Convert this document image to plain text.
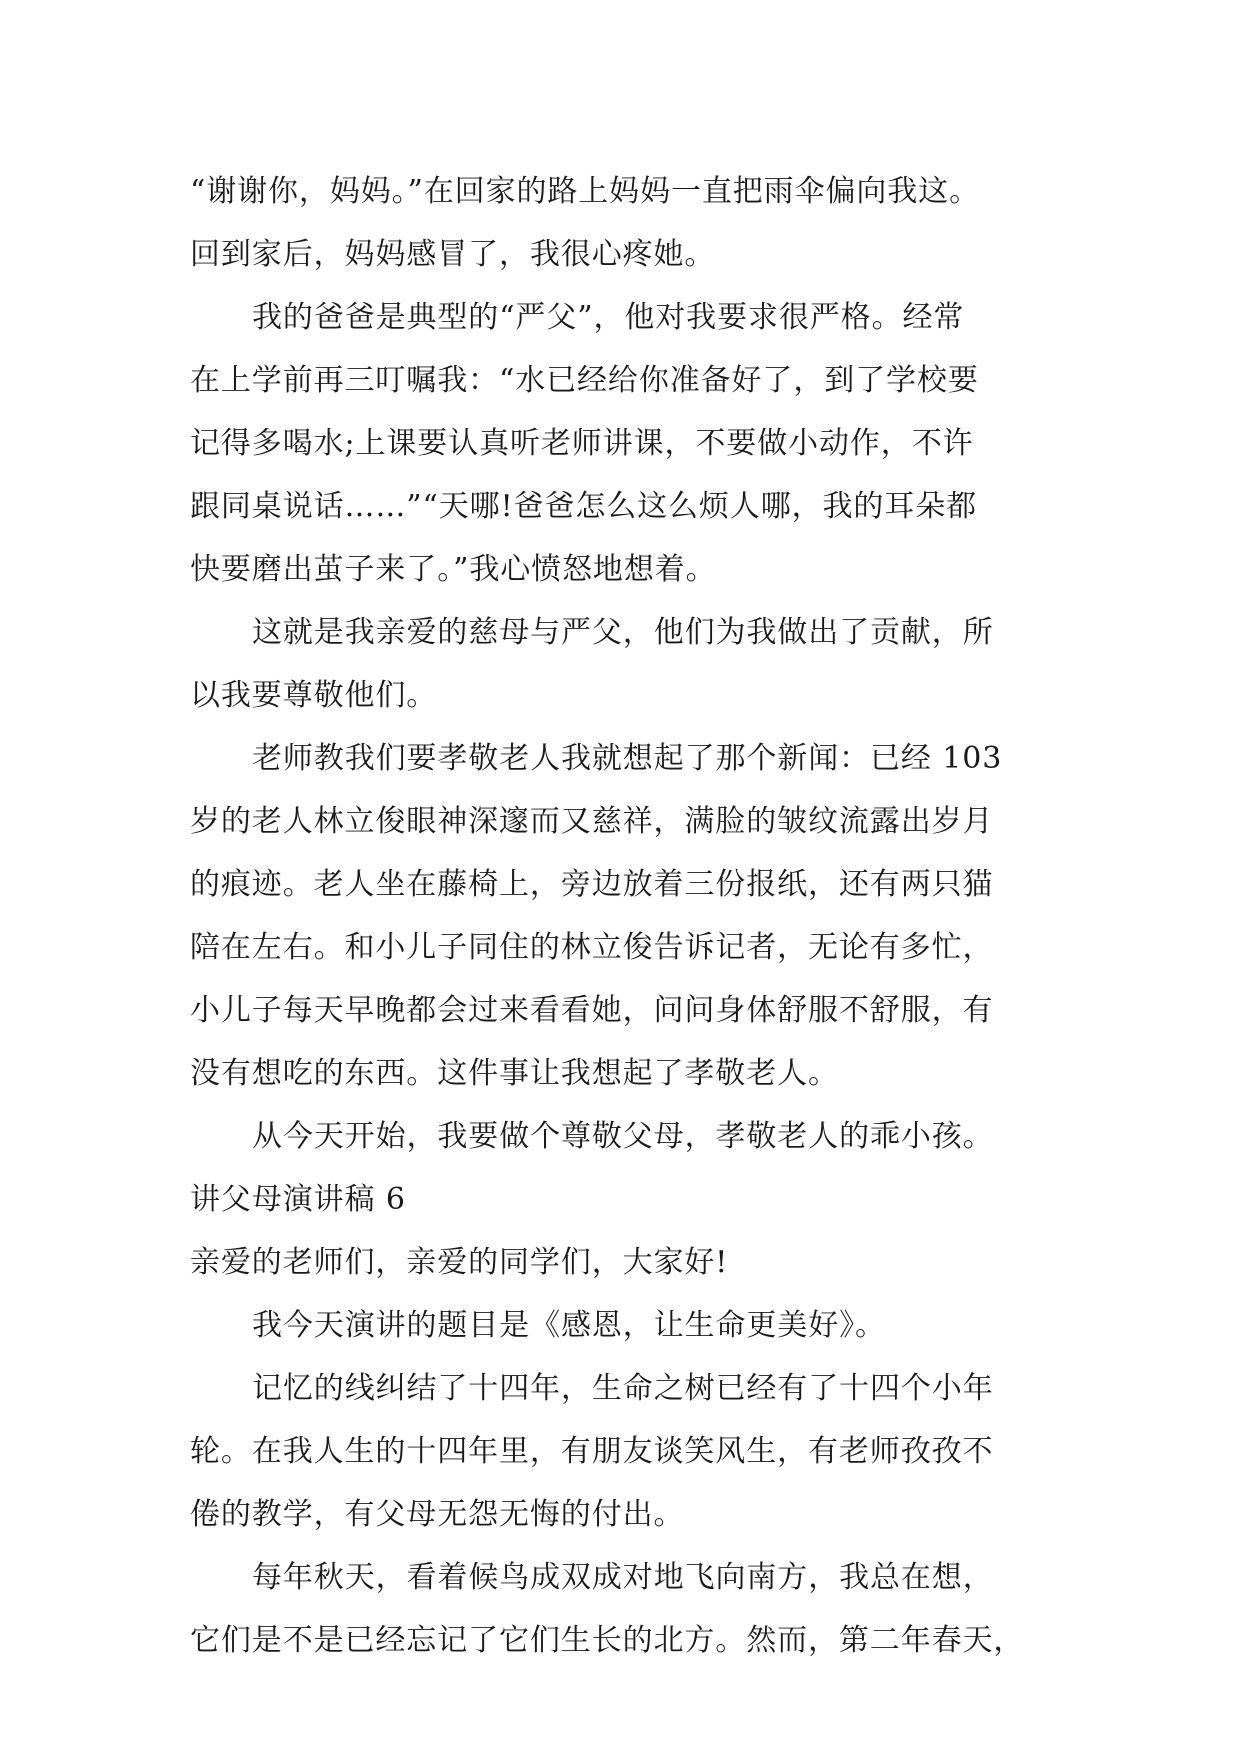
“谢谢你，妈妈。”在回家的路上妈妈一直把雨伞偏向我这。
回到家后，妈妈感冒了，我很心疼她。
我的爸爸是典型的“严父”，他对我要求很严格。经常
在上学前再三叮嘱我：“水已经给你准备好了，到了学校要
记得多喝水;上课要认真听老师讲课，不要做小动作，不许
跟同桌说话……”“天哪!爸爸怎么这么烦人哪，我的耳朵都
快要磨出茧子来了。”我心愤怒地想着。
这就是我亲爱的慈母与严父，他们为我做出了贡献，所
以我要尊敬他们。
老师教我们要孝敬老人我就想起了那个新闻：已经 103
岁的老人林立俊眼神深邃而又慈祥，满脸的皱纹流露出岁月
的痕迹。老人坐在藤椅上，旁边放着三份报纸，还有两只猫
陪在左右。和小儿子同住的林立俊告诉记者，无论有多忙，
小儿子每天早晚都会过来看看她，问问身体舒服不舒服，有
没有想吃的东西。这件事让我想起了孝敬老人。
从今天开始，我要做个尊敬父母，孝敬老人的乖小孩。
讲父母演讲稿 6
亲爱的老师们，亲爱的同学们，大家好!
我今天演讲的题目是《感恩，让生命更美好》。
记忆的线纠结了十四年，生命之树已经有了十四个小年
轮。在我人生的十四年里，有朋友谈笑风生，有老师孜孜不
倦的教学，有父母无怨无悔的付出。
每年秋天，看着候鸟成双成对地飞向南方，我总在想，
它们是不是已经忘记了它们生长的北方。然而，第二年春天，
